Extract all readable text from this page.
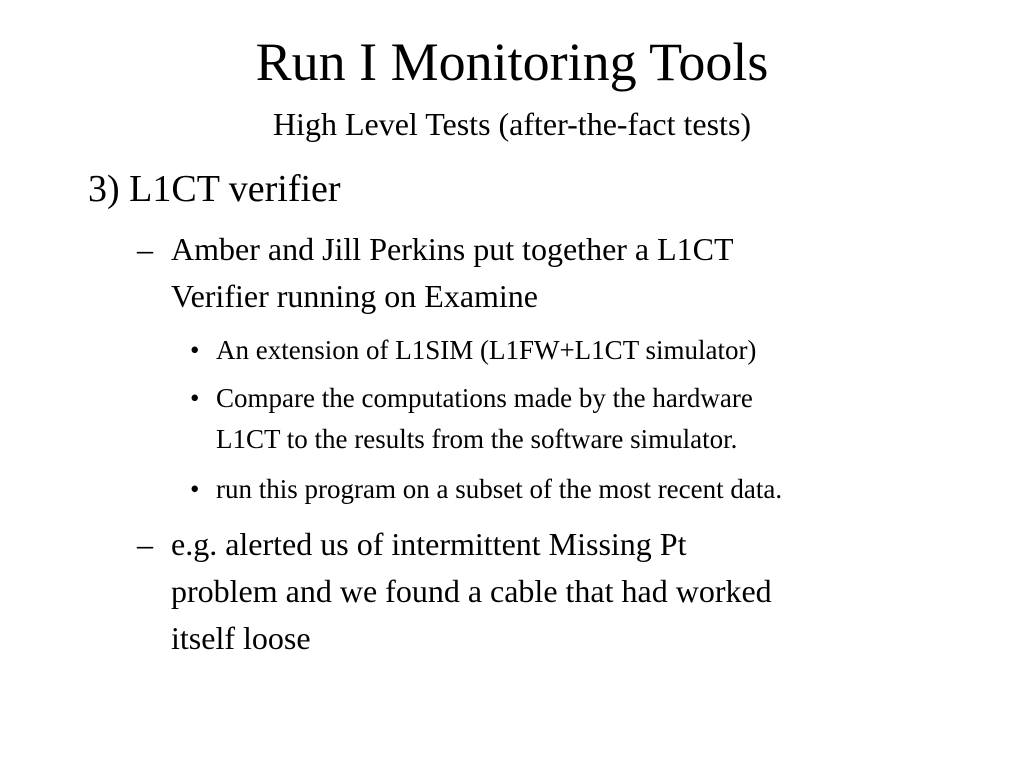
Run I Monitoring Tools
High Level Tests (after-the-fact tests)
3) L1CT verifier
– Amber and Jill Perkins put together a L1CT
Verifier running on Examine
• An extension of L1SIM (L1FW+L1CT simulator)
• Compare the computations made by the hardware
L1CT to the results from the software simulator.
• run this program on a subset of the most recent data.
– e.g. alerted us of intermittent Missing Pt
problem and we found a cable that had worked
itself loose
